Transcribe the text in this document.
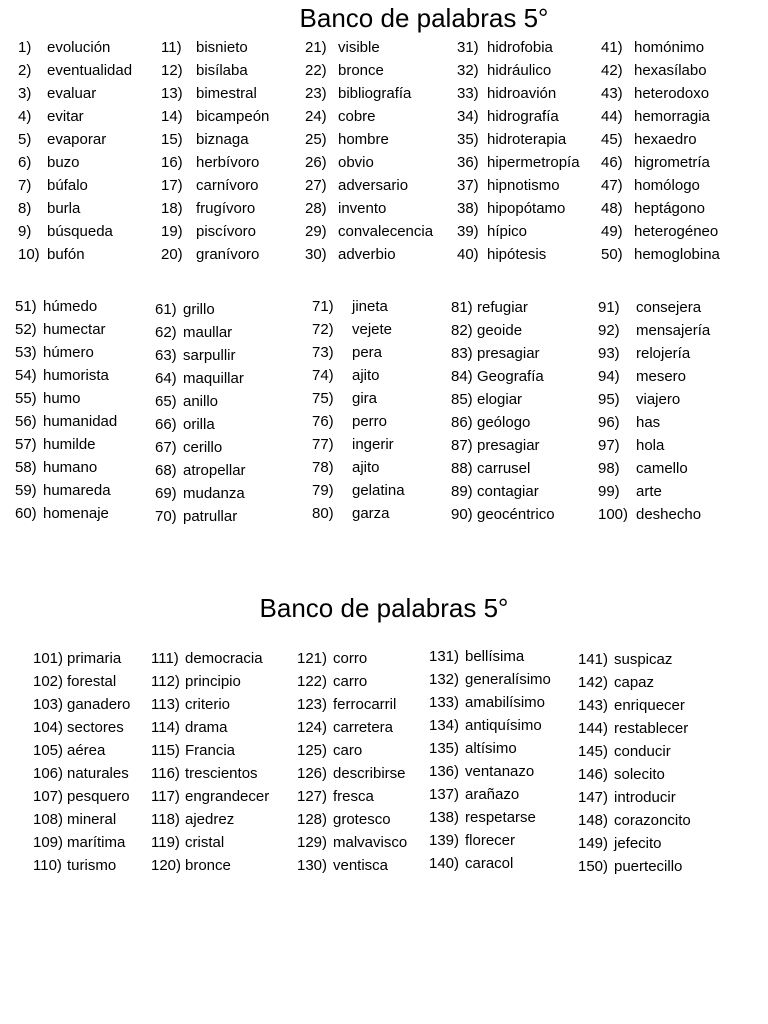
Banco de palabras 5°
1) evolución
2) eventualidad
3) evaluar
4) evitar
5) evaporar
6) buzo
7) búfalo
8) burla
9) búsqueda
10) bufón
11) bisnieto
12) bisílaba
13) bimestral
14) bicampeón
15) biznaga
16) herbívoro
17) carnívoro
18) frugívoro
19) piscívoro
20) granívoro
21) visible
22) bronce
23) bibliografía
24) cobre
25) hombre
26) obvio
27) adversario
28) invento
29) convalecencia
30) adverbio
31) hidrofobia
32) hidráulico
33) hidroavión
34) hidrografía
35) hidroterapia
36) hipermetropía
37) hipnotismo
38) hipopótamo
39) hípico
40) hipótesis
41) homónimo
42) hexasílabo
43) heterodoxo
44) hemorragia
45) hexaedro
46) higrometría
47) homólogo
48) heptágono
49) heterogéneo
50) hemoglobina
51) húmedo
52) humectar
53) húmero
54) humorista
55) humo
56) humanidad
57) humilde
58) humano
59) humareda
60) homenaje
61) grillo
62) maullar
63) sarpullir
64) maquillar
65) anillo
66) orilla
67) cerillo
68) atropellar
69) mudanza
70) patrullar
71) jineta
72) vejete
73) pera
74) ajito
75) gira
76) perro
77) ingerir
78) ajito
79) gelatina
80) garza
81) refugiar
82) geoide
83) presagiar
84) Geografía
85) elogiar
86) geólogo
87) presagiar
88) carrusel
89) contagiar
90) geocéntrico
91) consejera
92) mensajería
93) relojería
94) mesero
95) viajero
96) has
97) hola
98) camello
99) arte
100) deshecho
Banco de palabras 5°
101) primaria
102) forestal
103) ganadero
104) sectores
105) aérea
106) naturales
107) pesquero
108) mineral
109) marítima
110) turismo
111) democracia
112) principio
113) criterio
114) drama
115) Francia
116) trescientos
117) engrandecer
118) ajedrez
119) cristal
120) bronce
121) corro
122) carro
123) ferrocarril
124) carretera
125) caro
126) describirse
127) fresca
128) grotesco
129) malvavisco
130) ventisca
131) bellísima
132) generalísimo
133) amabilísimo
134) antiquísimo
135) altísimo
136) ventanazo
137) arañazo
138) respetarse
139) florecer
140) caracol
141) suspicaz
142) capaz
143) enriquecer
144) restablecer
145) conducir
146) solecito
147) introducir
148) corazoncito
149) jefecito
150) puertecillo
